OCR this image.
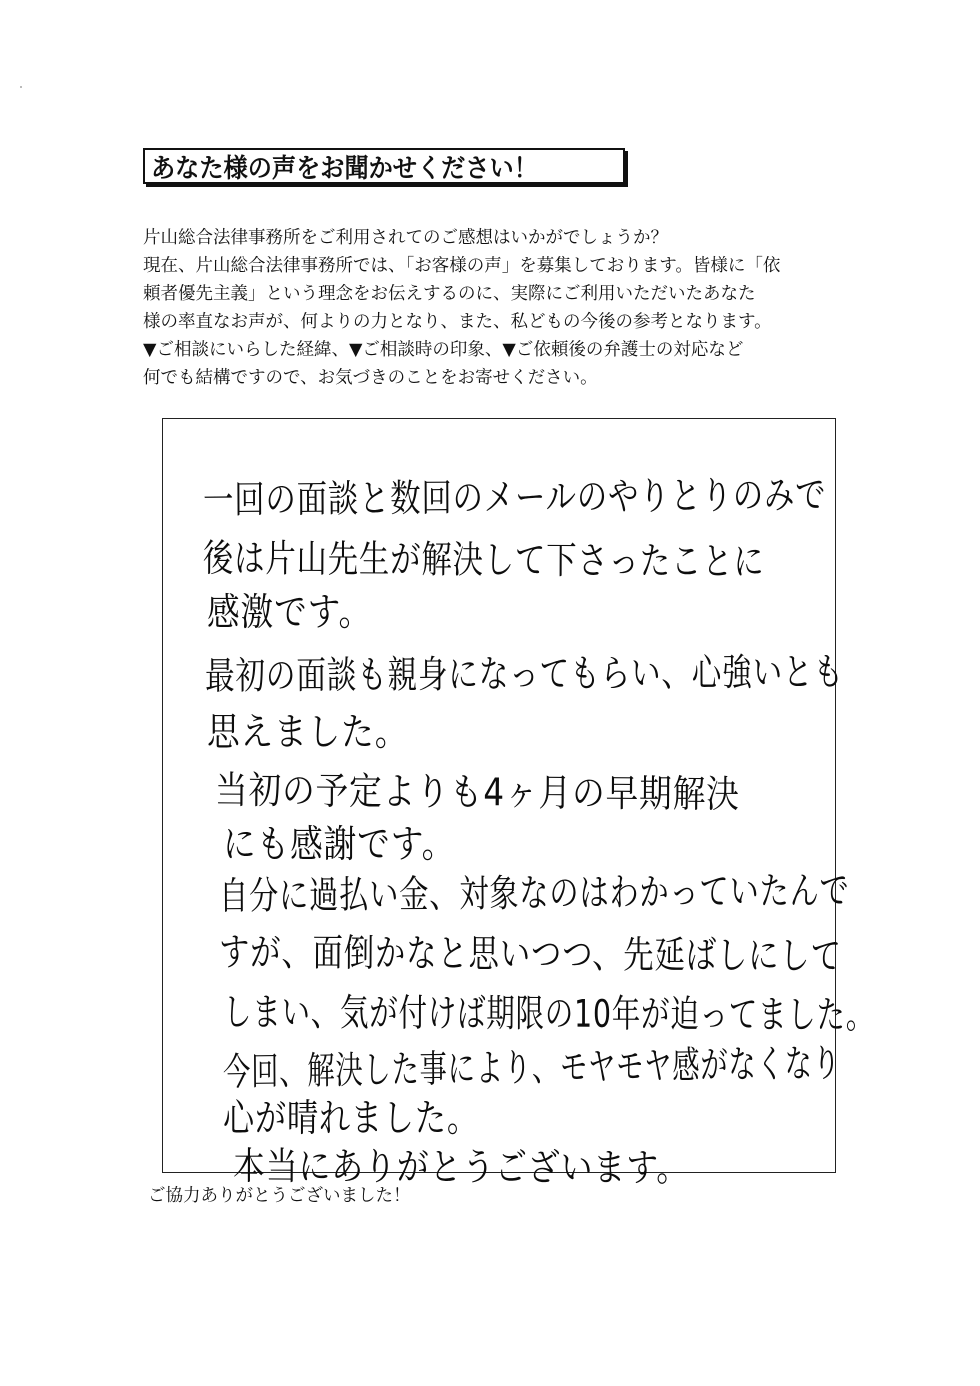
あなた様の声をお聞かせください！
片山総合法律事務所をご利用されてのご感想はいかがでしょうか？
現在、片山総合法律事務所では、「お客様の声」を募集しております。皆様に「依
頼者優先主義」という理念をお伝えするのに、実際にご利用いただいたあなた
様の率直なお声が、何よりの力となり、また、私どもの今後の参考となります。
▼ご相談にいらした経緯、▼ご相談時の印象、▼ご依頼後の弁護士の対応など
何でも結構ですので、お気づきのことをお寄せください。
一回の面談と数回のメールのやりとりのみで
後は片山先生が解決して下さったことに
感激です。
最初の面談も親身になってもらい、心強いとも
思えました。
当初の予定よりも4ヶ月の早期解決
にも感謝です。
自分に過払い金、対象なのはわかっていたんで
すが、面倒かなと思いつつ、先延ばしにして
しまい、気が付けば期限の10年が迫ってました。
今回、解決した事により、モヤモヤ感がなくなり
心が晴れました。
本当にありがとうございます。
ご協力ありがとうございました！
